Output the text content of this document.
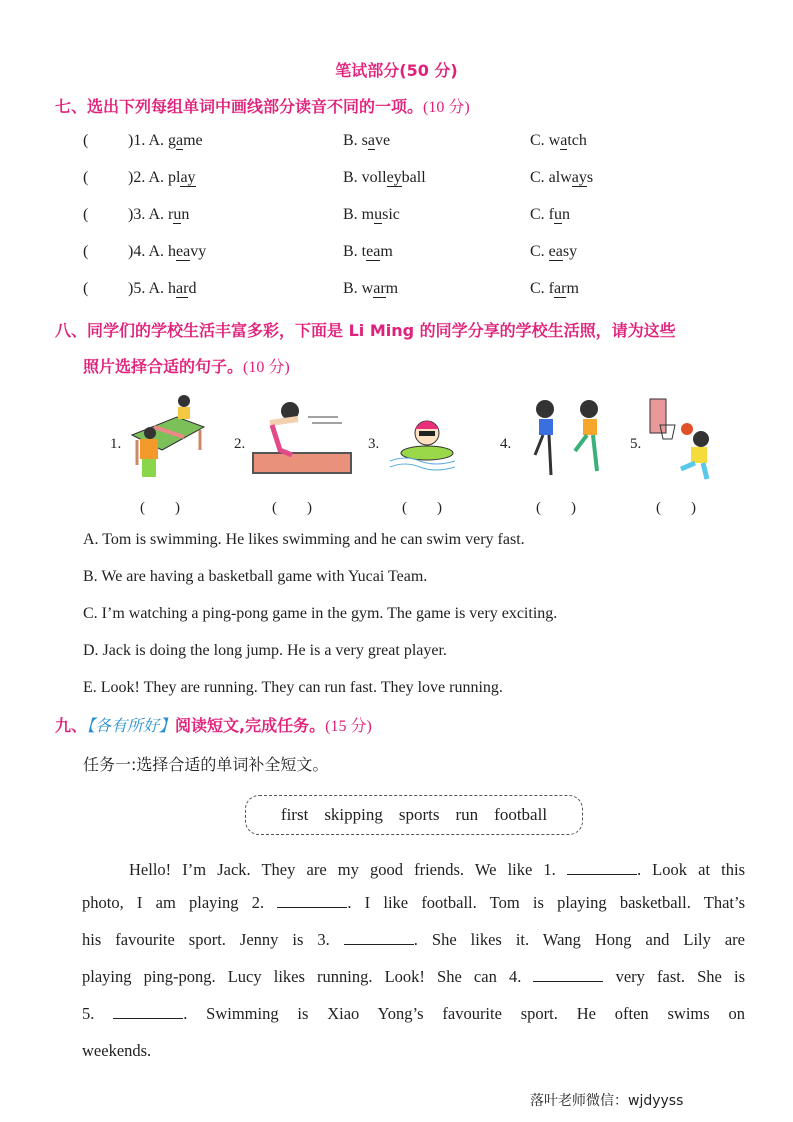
笔试部分(50 分)
七、选出下列每组单词中画线部分读音不同的一项。(10 分)
( )1. A. game	B. save	C. watch
( )2. A. play	B. volleyball	C. always
( )3. A. run	B. music	C. fun
( )4. A. heavy	B. team	C. easy
( )5. A. hard	B. warm	C. farm
八、同学们的学校生活丰富多彩，下面是 Li Ming 的同学分享的学校生活照，请为这些
照片选择合适的句子。(10 分)
1.	2.	3.	4.	5.
(　　)	(　　)	(　　)	(　　)	(　　)
A. Tom is swimming. He likes swimming and he can swim very fast.
B. We are having a basketball game with Yucai Team.
C. I’m watching a ping-pong game in the gym. The game is very exciting.
D. Jack is doing the long jump. He is a very great player.
E. Look! They are running. They can run fast. They love running.
九、【各有所好】阅读短文,完成任务。(15 分)
任务一:选择合适的单词补全短文。
first skipping sports run football
　　Hello! I’m Jack. They are my good friends. We like 1.	. Look at this
photo, I am playing 2.	. I like football. Tom is playing basketball. That’s
his favourite sport. Jenny is 3.	. She likes it. Wang Hong and Lily are
playing ping-pong. Lucy likes running. Look! She can 4.	very fast. She is
5.	. Swimming is Xiao Yong’s favourite sport. He often swims on
weekends.
落叶老师微信：wjdyyss
